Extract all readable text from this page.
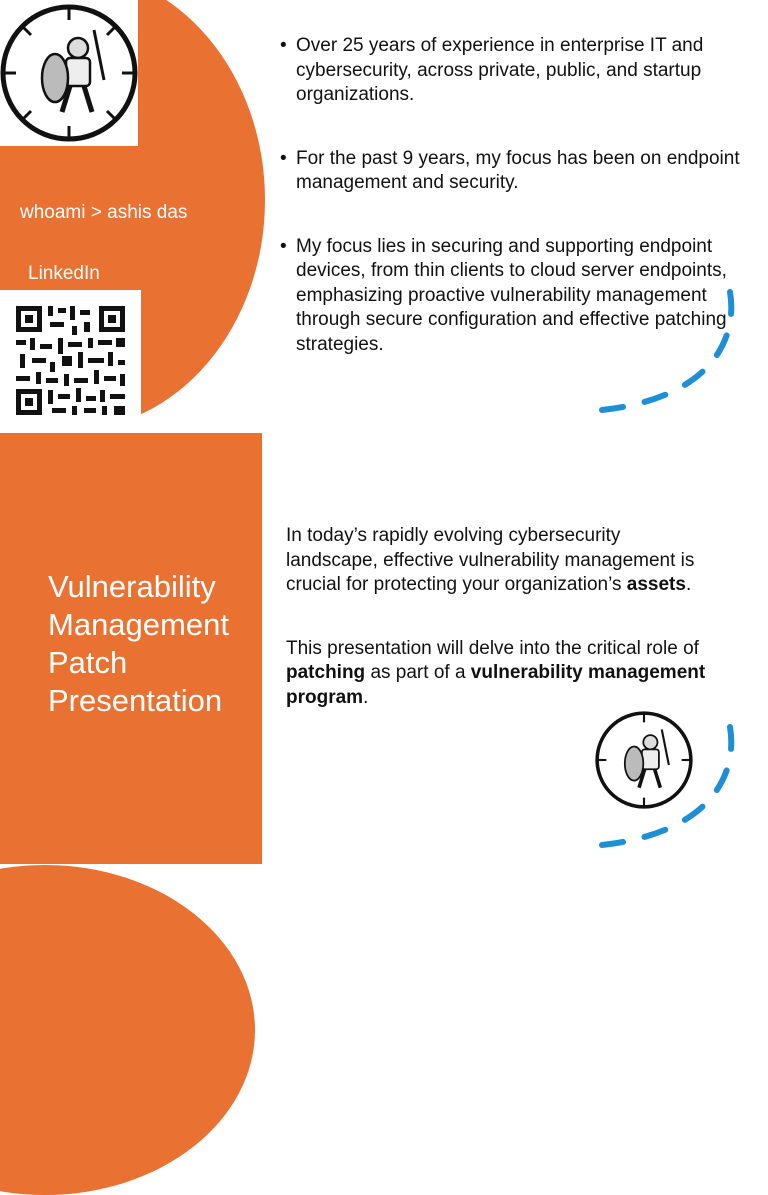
whoami > ashis das
LinkedIn
Vulnerability Management Patch Presentation
• Over 25 years of experience in enterprise IT and cybersecurity, across private, public, and startup organizations.
• For the past 9 years, my focus has been on endpoint management and security.
• My focus lies in securing and supporting endpoint devices, from thin clients to cloud server endpoints, emphasizing proactive vulnerability management through secure configuration and effective patching strategies.

In today’s rapidly evolving cybersecurity landscape, effective vulnerability management is crucial for protecting your organization’s assets.

This presentation will delve into the critical role of patching as part of a vulnerability management program.
